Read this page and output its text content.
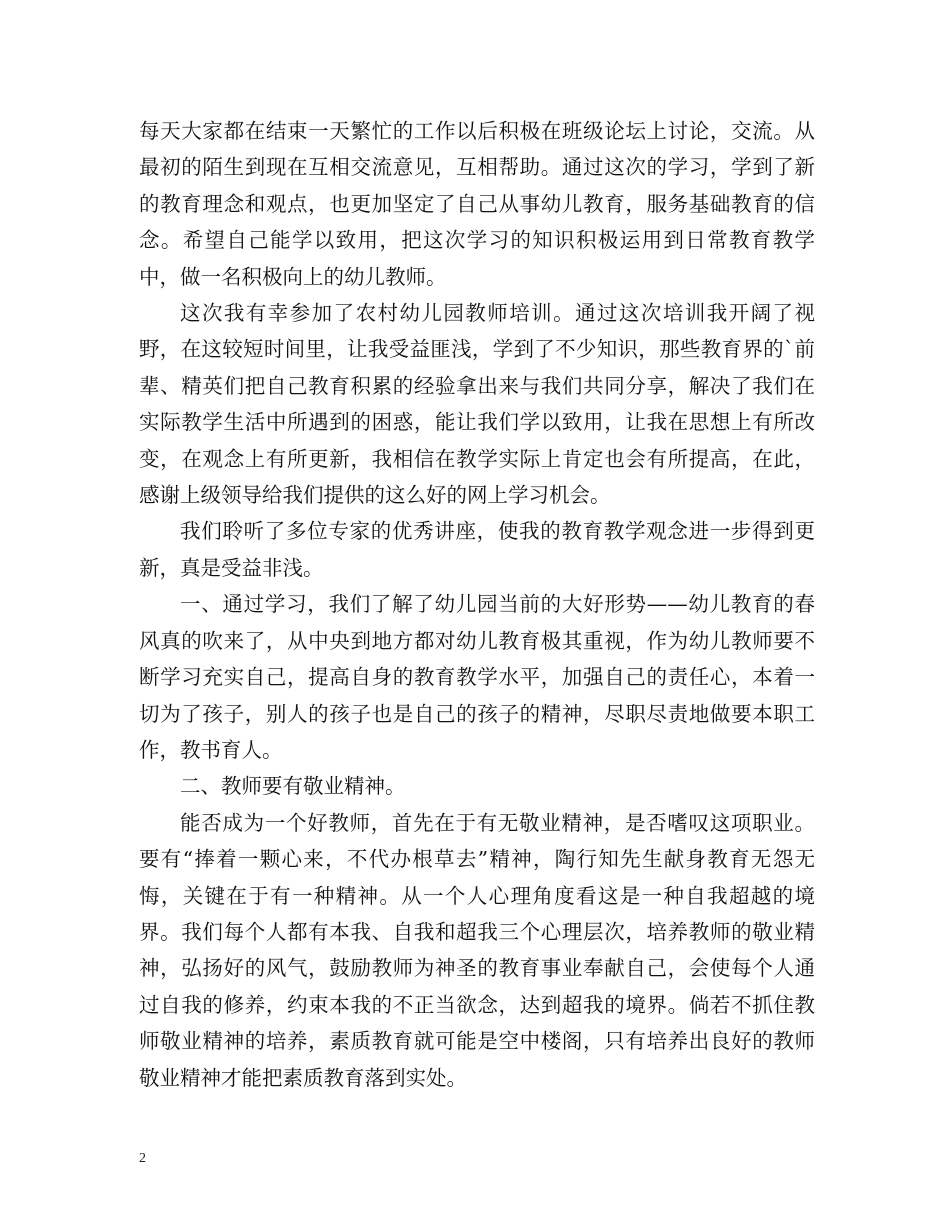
每天大家都在结束一天繁忙的工作以后积极在班级论坛上讨论，交流。从最初的陌生到现在互相交流意见，互相帮助。通过这次的学习，学到了新的教育理念和观点，也更加坚定了自己从事幼儿教育，服务基础教育的信念。希望自己能学以致用，把这次学习的知识积极运用到日常教育教学中，做一名积极向上的幼儿教师。

这次我有幸参加了农村幼儿园教师培训。通过这次培训我开阔了视野，在这较短时间里，让我受益匪浅，学到了不少知识，那些教育界的`前辈、精英们把自己教育积累的经验拿出来与我们共同分享，解决了我们在实际教学生活中所遇到的困惑，能让我们学以致用，让我在思想上有所改变，在观念上有所更新，我相信在教学实际上肯定也会有所提高，在此，感谢上级领导给我们提供的这么好的网上学习机会。

我们聆听了多位专家的优秀讲座，使我的教育教学观念进一步得到更新，真是受益非浅。

一、通过学习，我们了解了幼儿园当前的大好形势——幼儿教育的春风真的吹来了，从中央到地方都对幼儿教育极其重视，作为幼儿教师要不断学习充实自己，提高自身的教育教学水平，加强自己的责任心，本着一切为了孩子，别人的孩子也是自己的孩子的精神，尽职尽责地做要本职工作，教书育人。

二、教师要有敬业精神。

能否成为一个好教师，首先在于有无敬业精神，是否嗜叹这项职业。要有“捧着一颗心来，不代办根草去”精神，陶行知先生献身教育无怨无悔，关键在于有一种精神。从一个人心理角度看这是一种自我超越的境界。我们每个人都有本我、自我和超我三个心理层次，培养教师的敬业精神，弘扬好的风气，鼓励教师为神圣的教育事业奉献自己，会使每个人通过自我的修养，约束本我的不正当欲念，达到超我的境界。倘若不抓住教师敬业精神的培养，素质教育就可能是空中楼阁，只有培养出良好的教师敬业精神才能把素质教育落到实处。

2
